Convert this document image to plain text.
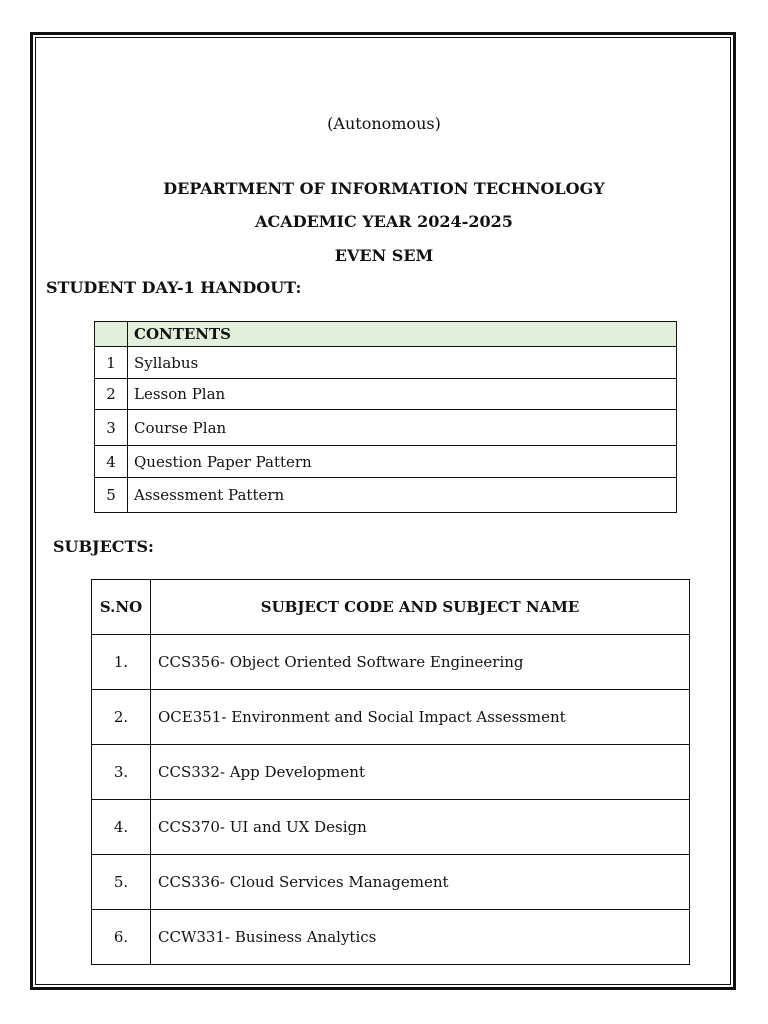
(Autonomous)
DEPARTMENT OF INFORMATION TECHNOLOGY
ACADEMIC YEAR 2024-2025
EVEN SEM
STUDENT DAY-1 HANDOUT:
	CONTENTS
1	Syllabus
2	Lesson Plan
3	Course Plan
4	Question Paper Pattern
5	Assessment Pattern
SUBJECTS:
S.NO	SUBJECT CODE AND SUBJECT NAME
1.	CCS356- Object Oriented Software Engineering
2.	OCE351- Environment and Social Impact Assessment
3.	CCS332- App Development
4.	CCS370- UI and UX Design
5.	CCS336- Cloud Services Management
6.	CCW331- Business Analytics
